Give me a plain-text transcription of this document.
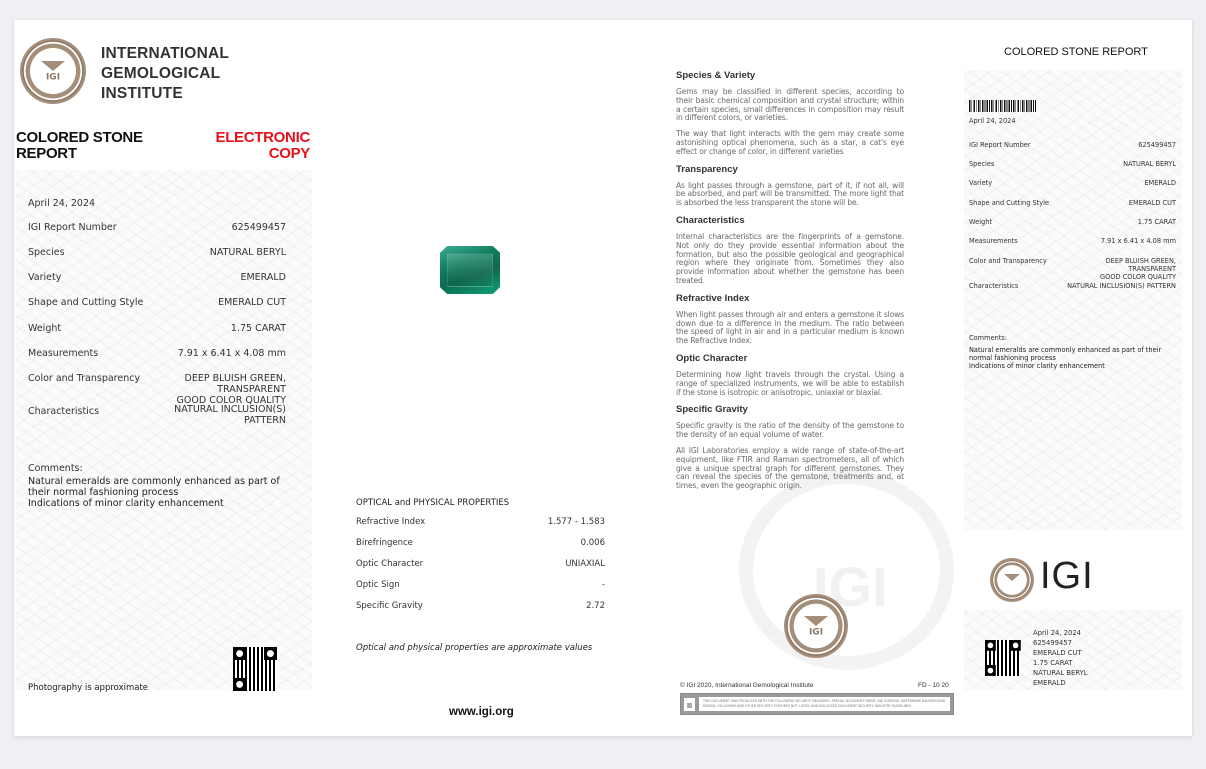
IGI
INTERNATIONAL
GEMOLOGICAL
INSTITUTE
COLORED STONE
REPORT
ELECTRONIC
COPY
April 24, 2024
IGI Report Number	625499457
Species	NATURAL BERYL
Variety	EMERALD
Shape and Cutting Style	EMERALD CUT
Weight	1.75 CARAT
Measurements	7.91 x 6.41 x 4.08 mm
Color and Transparency	DEEP BLUISH GREEN,
TRANSPARENT
GOOD COLOR QUALITY
Characteristics	NATURAL INCLUSION(S)
PATTERN
Comments:
Natural emeralds are commonly enhanced as part of
their normal fashioning process
Indications of minor clarity enhancement
Photography is approximate
OPTICAL and PHYSICAL PROPERTIES
Refractive Index	1.577 - 1.583
Birefringence	0.006
Optic Character	UNIAXIAL
Optic Sign	-
Specific Gravity	2.72
Optical and physical properties are approximate values
www.igi.org
IGI
Species & Variety

Gems may be classified in different species, according to their basic chemical composition and crystal structure; within a certain species, small differences in composition may result in different colors, or varieties.

The way that light interacts with the gem may create some astonishing optical phenomena, such as a star, a cat's eye effect or change of color, in different varieties

Transparency

As light passes through a gemstone, part of it, if not all, will be absorbed, and part will be transmitted. The more light that is absorbed the less transparent the stone will be.

Characteristics

Internal characteristics are the fingerprints of a gemstone. Not only do they provide essential information about the formation, but also the possible geological and geographical region where they originate from. Sometimes they also provide information about whether the gemstone has been treated.

Refractive Index

When light passes through air and enters a gemstone it slows down due to a difference in the medium. The ratio between the speed of light in air and in a particular medium is known the Refractive Index.

Optic Character

Determining how light travels through the crystal. Using a range of specialized instruments, we will be able to establish if the stone is isotropic or anisotropic, uniaxial or biaxial.

Specific Gravity

Specific gravity is the ratio of the density of the gemstone to the density of an equal volume of water.

All IGI Laboratories employ a wide range of state-of-the-art equipment, like FTIR and Raman spectrometers, all of which give a unique spectral graph for different gemstones. They can reveal the species of the gemstone, treatments and, at times, even the geographic origin.

IGI
© IGI 2020, International Gemological Institute	FD - 10 20
THIS DOCUMENT WAS PRODUCED WITH THE FOLLOWING SECURITY MEASURES: SPECIAL DOCUMENT PAPER, INK SCREENS, WATERMARK BACKGROUND DESIGN, HOLOGRAM AND OTHER SECURITY FEATURES NOT LISTED AND DISCLOSED DOCUMENT SECURITY INDUSTRY GUIDELINES.
COLORED STONE REPORT
April 24, 2024
IGI Report Number	625499457
Species	NATURAL BERYL
Variety	EMERALD
Shape and Cutting Style	EMERALD CUT
Weight	1.75 CARAT
Measurements	7.91 x 6.41 x 4.08 mm
Color and Transparency	DEEP BLUISH GREEN,
TRANSPARENT
GOOD COLOR QUALITY
Characteristics	NATURAL INCLUSION(S) PATTERN
Comments:
Natural emeralds are commonly enhanced as part of their
normal fashioning process
Indications of minor clarity enhancement
IGI
April 24, 2024
625499457
EMERALD CUT
1.75 CARAT
NATURAL BERYL
EMERALD
